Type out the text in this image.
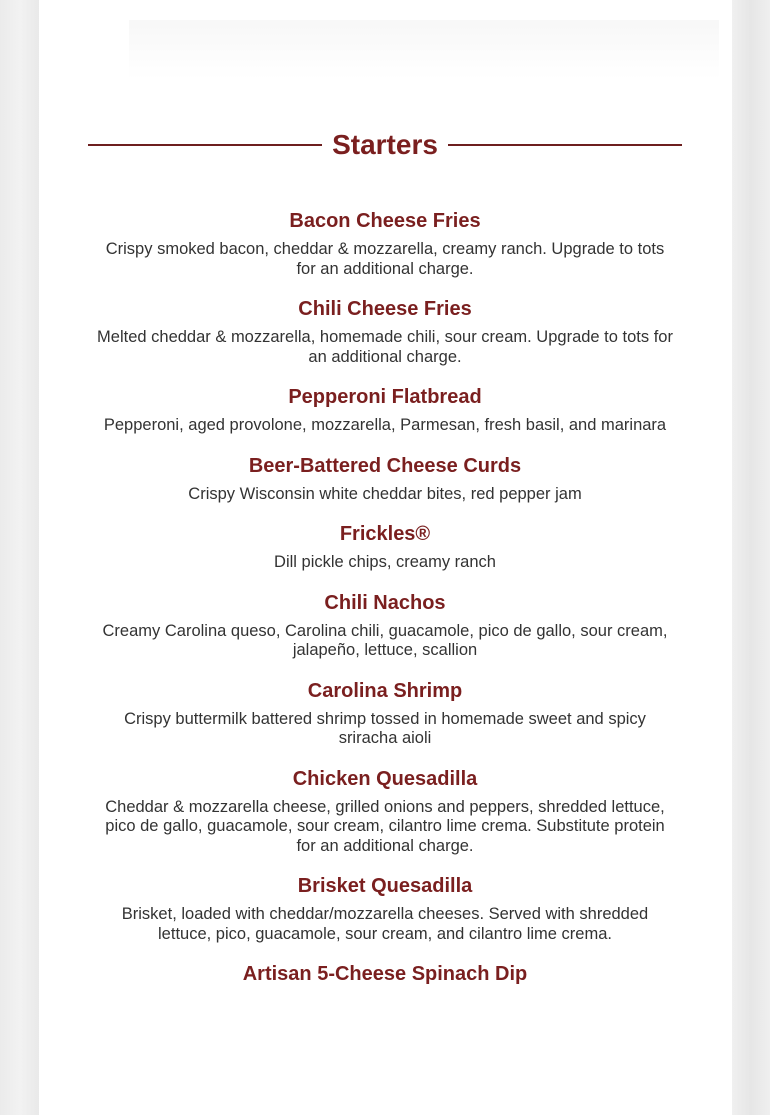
Starters
Bacon Cheese Fries
Crispy smoked bacon, cheddar & mozzarella, creamy ranch. Upgrade to tots for an additional charge.
Chili Cheese Fries
Melted cheddar & mozzarella, homemade chili, sour cream. Upgrade to tots for an additional charge.
Pepperoni Flatbread
Pepperoni, aged provolone, mozzarella, Parmesan, fresh basil, and marinara
Beer-Battered Cheese Curds
Crispy Wisconsin white cheddar bites, red pepper jam
Frickles®
Dill pickle chips, creamy ranch
Chili Nachos
Creamy Carolina queso, Carolina chili, guacamole, pico de gallo, sour cream, jalapeño, lettuce, scallion
Carolina Shrimp
Crispy buttermilk battered shrimp tossed in homemade sweet and spicy sriracha aioli
Chicken Quesadilla
Cheddar & mozzarella cheese, grilled onions and peppers, shredded lettuce, pico de gallo, guacamole, sour cream, cilantro lime crema. Substitute protein for an additional charge.
Brisket Quesadilla
Brisket, loaded with cheddar/mozzarella cheeses. Served with shredded lettuce, pico, guacamole, sour cream, and cilantro lime crema.
Artisan 5-Cheese Spinach Dip
